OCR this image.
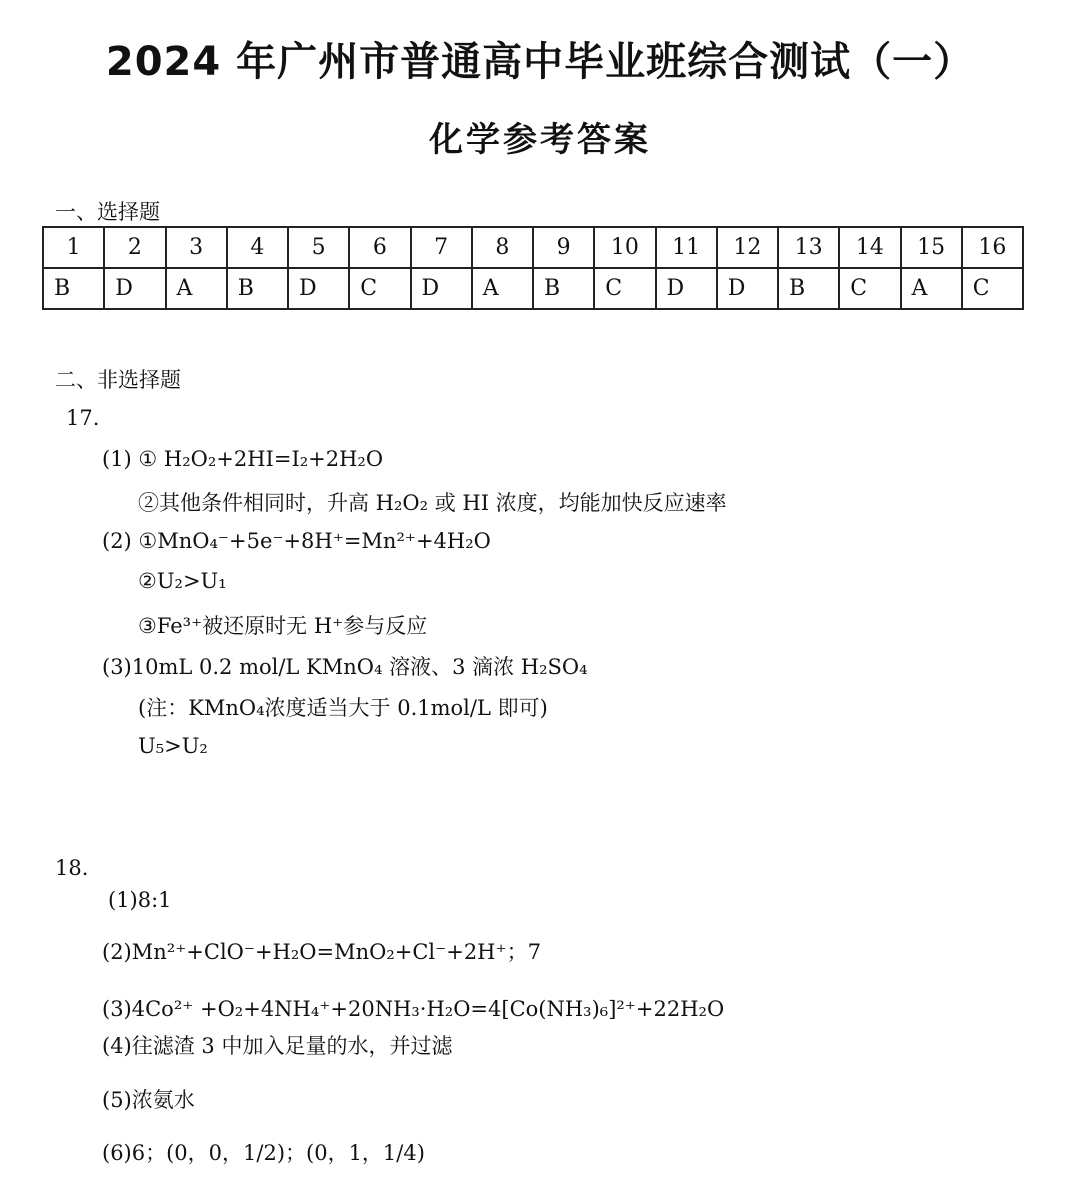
2024 年广州市普通高中毕业班综合测试（一）
化学参考答案
一、选择题
1	2	3	4	5	6	7	8	9	10	11	12	13	14	15	16
B	D	A	B	D	C	D	A	B	C	D	D	B	C	A	C
二、非选择题
17.
(1) ① H₂O₂+2HI=I₂+2H₂O
②其他条件相同时，升高 H₂O₂ 或 HI 浓度，均能加快反应速率
(2) ①MnO₄⁻+5e⁻+8H⁺=Mn²⁺+4H₂O
②U₂>U₁
③Fe³⁺被还原时无 H⁺参与反应
(3)10mL 0.2 mol/L KMnO₄ 溶液、3 滴浓 H₂SO₄
(注：KMnO₄浓度适当大于 0.1mol/L 即可)
U₅>U₂
18.
(1)8:1
(2)Mn²⁺+ClO⁻+H₂O=MnO₂+Cl⁻+2H⁺；7
(3)4Co²⁺ +O₂+4NH₄⁺+20NH₃·H₂O=4[Co(NH₃)₆]²⁺+22H₂O
(4)往滤渣 3 中加入足量的水，并过滤
(5)浓氨水
(6)6；(0，0，1/2)；(0，1，1/4)
